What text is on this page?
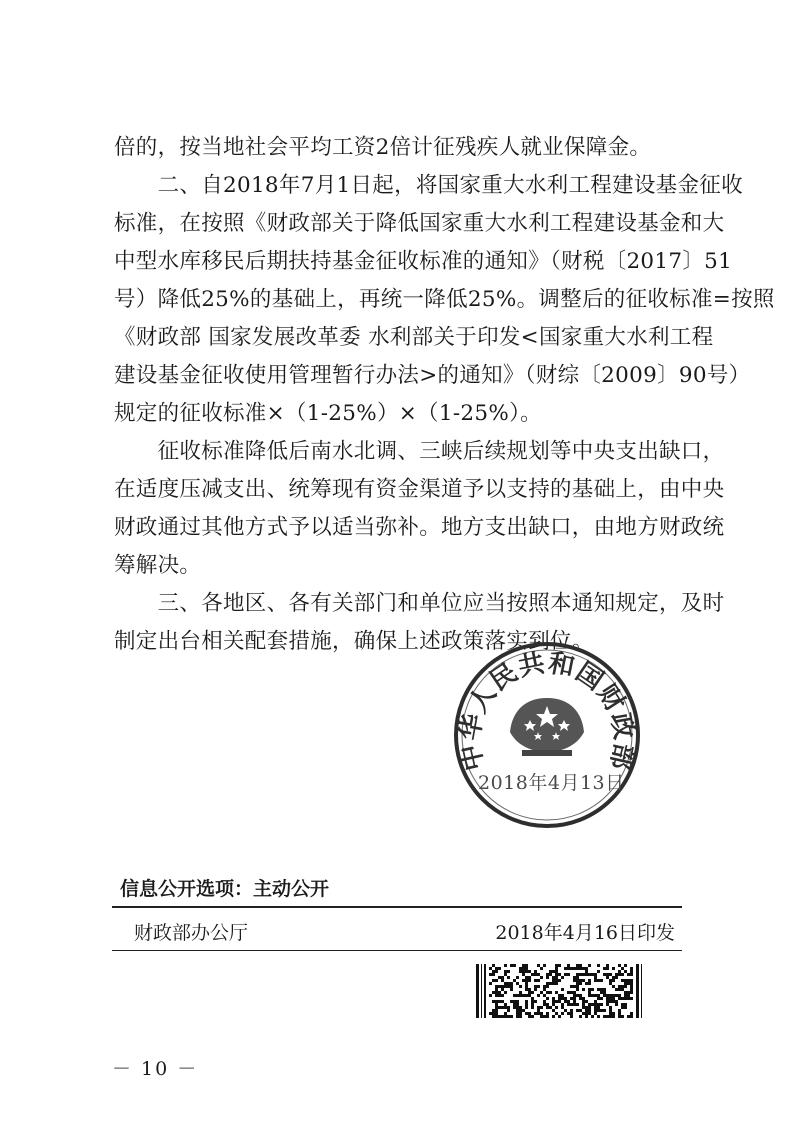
倍的，按当地社会平均工资2倍计征残疾人就业保障金。
　　二、自2018年7月1日起，将国家重大水利工程建设基金征收
标准，在按照《财政部关于降低国家重大水利工程建设基金和大
中型水库移民后期扶持基金征收标准的通知》（财税〔2017〕51
号）降低25%的基础上，再统一降低25%。调整后的征收标准=按照
《财政部 国家发展改革委 水利部关于印发<国家重大水利工程
建设基金征收使用管理暂行办法>的通知》（财综〔2009〕90号）
规定的征收标准×（1-25%）×（1-25%）。
　　征收标准降低后南水北调、三峡后续规划等中央支出缺口，
在适度压减支出、统筹现有资金渠道予以支持的基础上，由中央
财政通过其他方式予以适当弥补。地方支出缺口，由地方财政统
筹解决。
　　三、各地区、各有关部门和单位应当按照本通知规定，及时
制定出台相关配套措施，确保上述政策落实到位。
中华人民共和国财政部
2018年4月13日
信息公开选项：主动公开
财政部办公厅	2018年4月16日印发
－ 10 －
